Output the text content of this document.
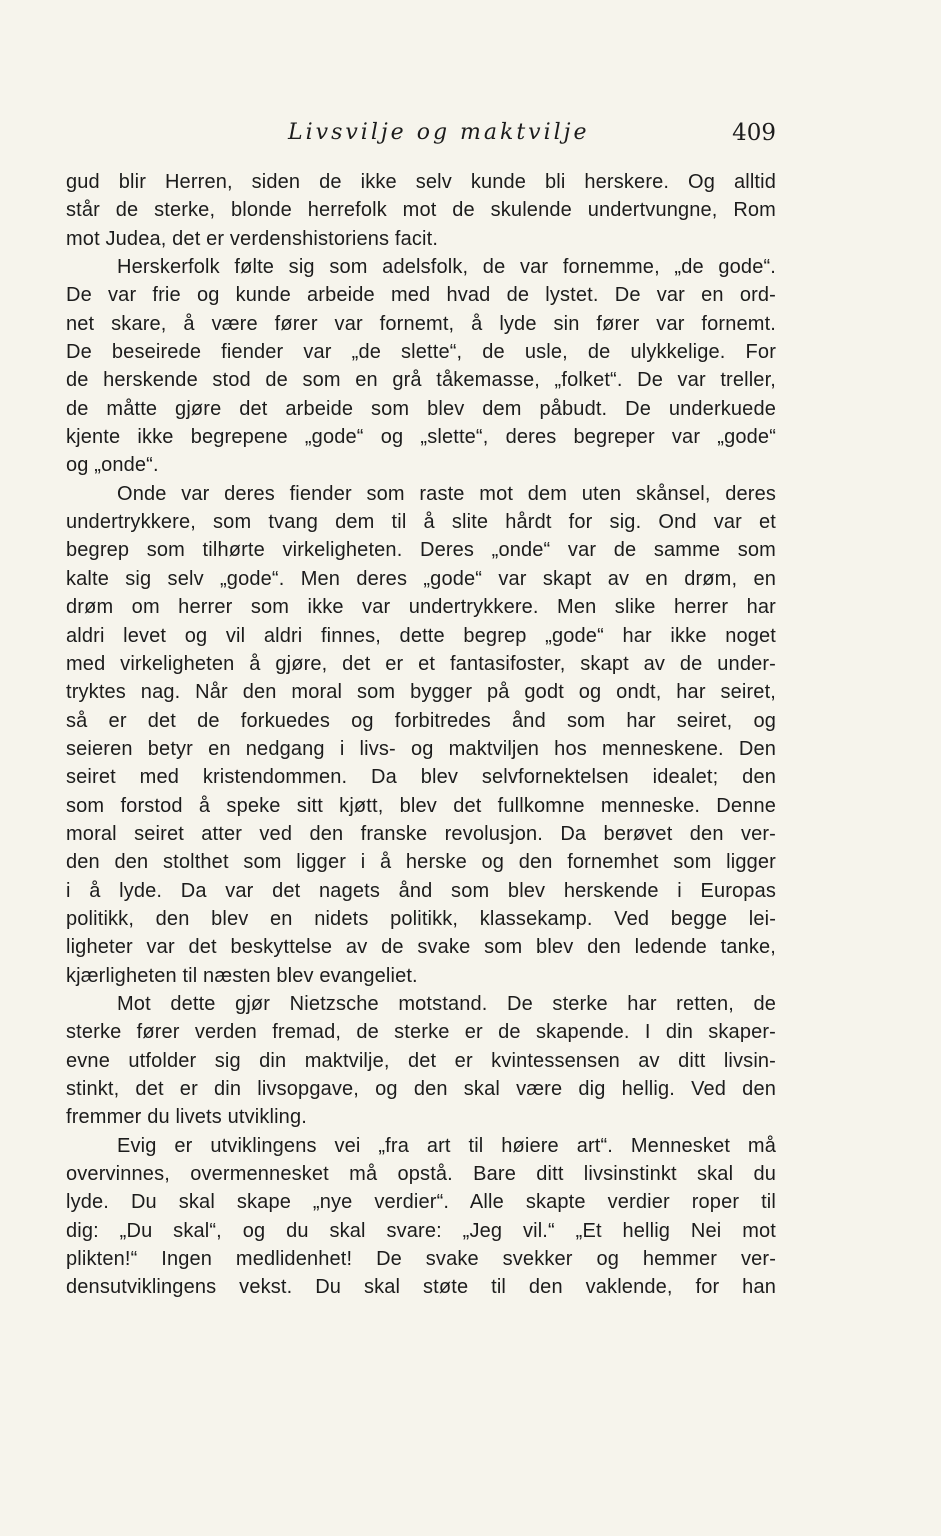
Livsvilje og maktvilje	409
gud blir Herren, siden de ikke selv kunde bli herskere. Og alltid
står de sterke, blonde herrefolk mot de skulende undertvungne, Rom
mot Judea, det er verdenshistoriens facit.
Herskerfolk følte sig som adelsfolk, de var fornemme, „de gode“.
De var frie og kunde arbeide med hvad de lystet. De var en ord-
net skare, å være fører var fornemt, å lyde sin fører var fornemt.
De beseirede fiender var „de slette“, de usle, de ulykkelige. For
de herskende stod de som en grå tåkemasse, „folket“. De var treller,
de måtte gjøre det arbeide som blev dem påbudt. De underkuede
kjente ikke begrepene „gode“ og „slette“, deres begreper var „gode“
og „onde“.
Onde var deres fiender som raste mot dem uten skånsel, deres
undertrykkere, som tvang dem til å slite hårdt for sig. Ond var et
begrep som tilhørte virkeligheten. Deres „onde“ var de samme som
kalte sig selv „gode“. Men deres „gode“ var skapt av en drøm, en
drøm om herrer som ikke var undertrykkere. Men slike herrer har
aldri levet og vil aldri finnes, dette begrep „gode“ har ikke noget
med virkeligheten å gjøre, det er et fantasifoster, skapt av de under-
tryktes nag. Når den moral som bygger på godt og ondt, har seiret,
så er det de forkuedes og forbitredes ånd som har seiret, og
seieren betyr en nedgang i livs- og maktviljen hos menneskene. Den
seiret med kristendommen. Da blev selvfornektelsen idealet; den
som forstod å speke sitt kjøtt, blev det fullkomne menneske. Denne
moral seiret atter ved den franske revolusjon. Da berøvet den ver-
den den stolthet som ligger i å herske og den fornemhet som ligger
i å lyde. Da var det nagets ånd som blev herskende i Europas
politikk, den blev en nidets politikk, klassekamp. Ved begge lei-
ligheter var det beskyttelse av de svake som blev den ledende tanke,
kjærligheten til næsten blev evangeliet.
Mot dette gjør Nietzsche motstand. De sterke har retten, de
sterke fører verden fremad, de sterke er de skapende. I din skaper-
evne utfolder sig din maktvilje, det er kvintessensen av ditt livsin-
stinkt, det er din livsopgave, og den skal være dig hellig. Ved den
fremmer du livets utvikling.
Evig er utviklingens vei „fra art til høiere art“. Mennesket må
overvinnes, overmennesket må opstå. Bare ditt livsinstinkt skal du
lyde. Du skal skape „nye verdier“. Alle skapte verdier roper til
dig: „Du skal“, og du skal svare: „Jeg vil.“ „Et hellig Nei mot
plikten!“ Ingen medlidenhet! De svake svekker og hemmer ver-
densutviklingens vekst. Du skal støte til den vaklende, for han
